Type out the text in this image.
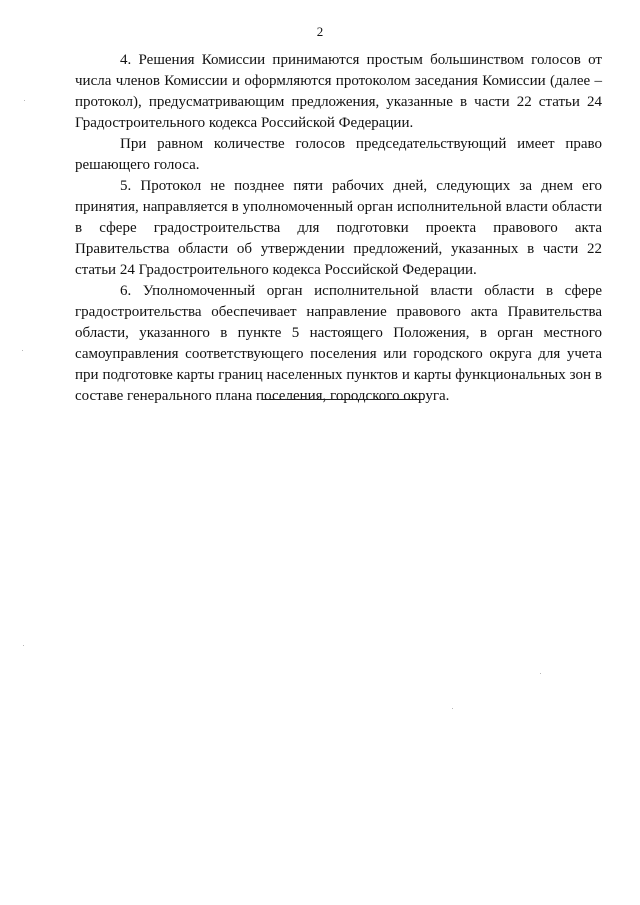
2

4. Решения Комиссии принимаются простым большинством голосов от числа членов Комиссии и оформляются протоколом заседания Комиссии (далее – протокол), предусматривающим предложения, указанные в части 22 статьи 24 Градостроительного кодекса Российской Федерации.

При равном количестве голосов председательствующий имеет право решающего голоса.

5. Протокол не позднее пяти рабочих дней, следующих за днем его принятия, направляется в уполномоченный орган исполнительной власти области в сфере градостроительства для подготовки проекта правового акта Правительства области об утверждении предложений, указанных в части 22 статьи 24 Градостроительного кодекса Российской Федерации.

6. Уполномоченный орган исполнительной власти области в сфере градостроительства обеспечивает направление правового акта Правительства области, указанного в пункте 5 настоящего Положения, в орган местного самоуправления соответствующего поселения или городского округа для учета при подготовке карты границ населенных пунктов и карты функциональных зон в составе генерального плана поселения, городского округа.
